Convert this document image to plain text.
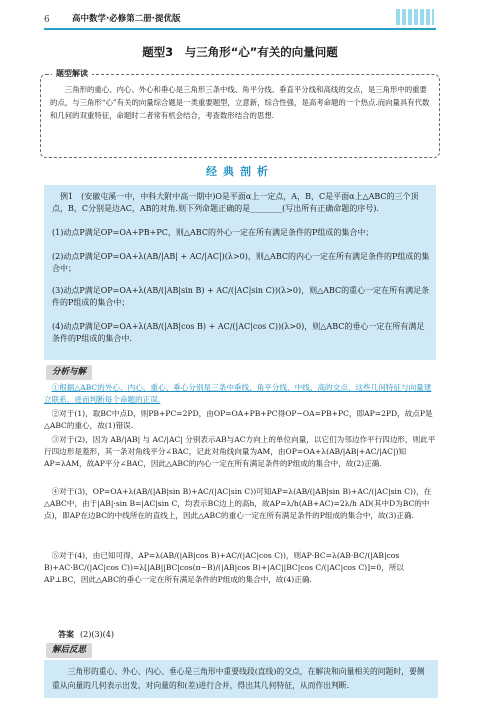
6	高中数学·必修第二册·提优版
题型3　与三角形“心”有关的向量问题
题型解读
三角形的重心、内心、外心和垂心是三角形三条中线、角平分线、垂直平分线和高线的交点，是三角形中的重要的点，与三角形“心”有关的向量综合题是一类重要题型，立意新，综合性强，是高考命题的一个热点.而向量具有代数和几何的双重特征，命题时二者常有机会结合，考查数形结合的思想.
经典剖析

例1　(安徽屯溪一中，中科大附中高一期中)O是平面α上一定点，A，B，C是平面α上△ABC的三个顶点，B，C分别是边AC，AB的对角.则下列命题正确的是________(写出所有正确命题的序号).

(1)动点P满足OP=OA+PB+PC，则△ABC的外心一定在所有满足条件的P组成的集合中；

(2)动点P满足OP=OA+λ(AB/|AB| + AC/|AC|)(λ>0)，则△ABC的内心一定在所有满足条件的P组成的集合中；

(3)动点P满足OP=OA+λ(AB/(|AB|sin B) + AC/(|AC|sin C))(λ>0)，则△ABC的重心一定在所有满足条件的P组成的集合中；

(4)动点P满足OP=OA+λ(AB/(|AB|cos B) + AC/(|AC|cos C))(λ>0)，则△ABC的垂心一定在所有满足条件的P组成的集合中.

分析与解

①根据△ABC的外心、内心、重心、垂心分别是三条中垂线、角平分线、中线、高的交点，这些几何特征与向量建立联系，进而判断每个命题的正误.

②对于(1)，取BC中点D，则PB+PC=2PD，由OP=OA+PB+PC得OP−OA=PB+PC，即AP=2PD，故点P是△ABC的重心，故(1)错误.

③对于(2)，因为 AB/|AB| 与 AC/|AC| 分别表示AB与AC方向上的单位向量，以它们为邻边作平行四边形，则此平行四边形是菱形，其一条对角线平分∠BAC，记此对角线向量为AM，由OP=OA+λ(AB/|AB|+AC/|AC|)知AP=λAM，故AP平分∠BAC，因此△ABC的内心一定在所有满足条件的P组成的集合中，故(2)正确.

④对于(3)，OP=OA+λ(AB/(|AB|sin B)+AC/(|AC|sin C))可知AP=λ(AB/(|AB|sin B)+AC/(|AC|sin C))，在△ABC中，由于|AB|·sin B=|AC|sin C，均表示BC边上的高h，故AP=λ/h(AB+AC)=2λ/h AD(其中D为BC的中点)，即AP在边BC的中线所在的直线上，因此△ABC的重心一定在所有满足条件的P组成的集合中，故(3)正确.

⑤对于(4)，由已知可得，AP=λ(AB/(|AB|cos B)+AC/(|AC|cos C))，则AP·BC=λ(AB·BC/(|AB|cos B)+AC·BC/(|AC|cos C))=λ[|AB||BC|cos(π−B)/(|AB|cos B)+|AC||BC|cos C/(|AC|cos C)]=0，所以AP⊥BC，因此△ABC的垂心一定在所有满足条件的P组成的集合中，故(4)正确.

答案 (2)(3)(4)
解后反思

三角形的重心、外心、内心、垂心是三角形中重要线段(直线)的交点，在解决和向量相关的问题时，要侧重从向量的几何表示出发，对向量的和(差)进行合并，得出其几何特征，从而作出判断.
